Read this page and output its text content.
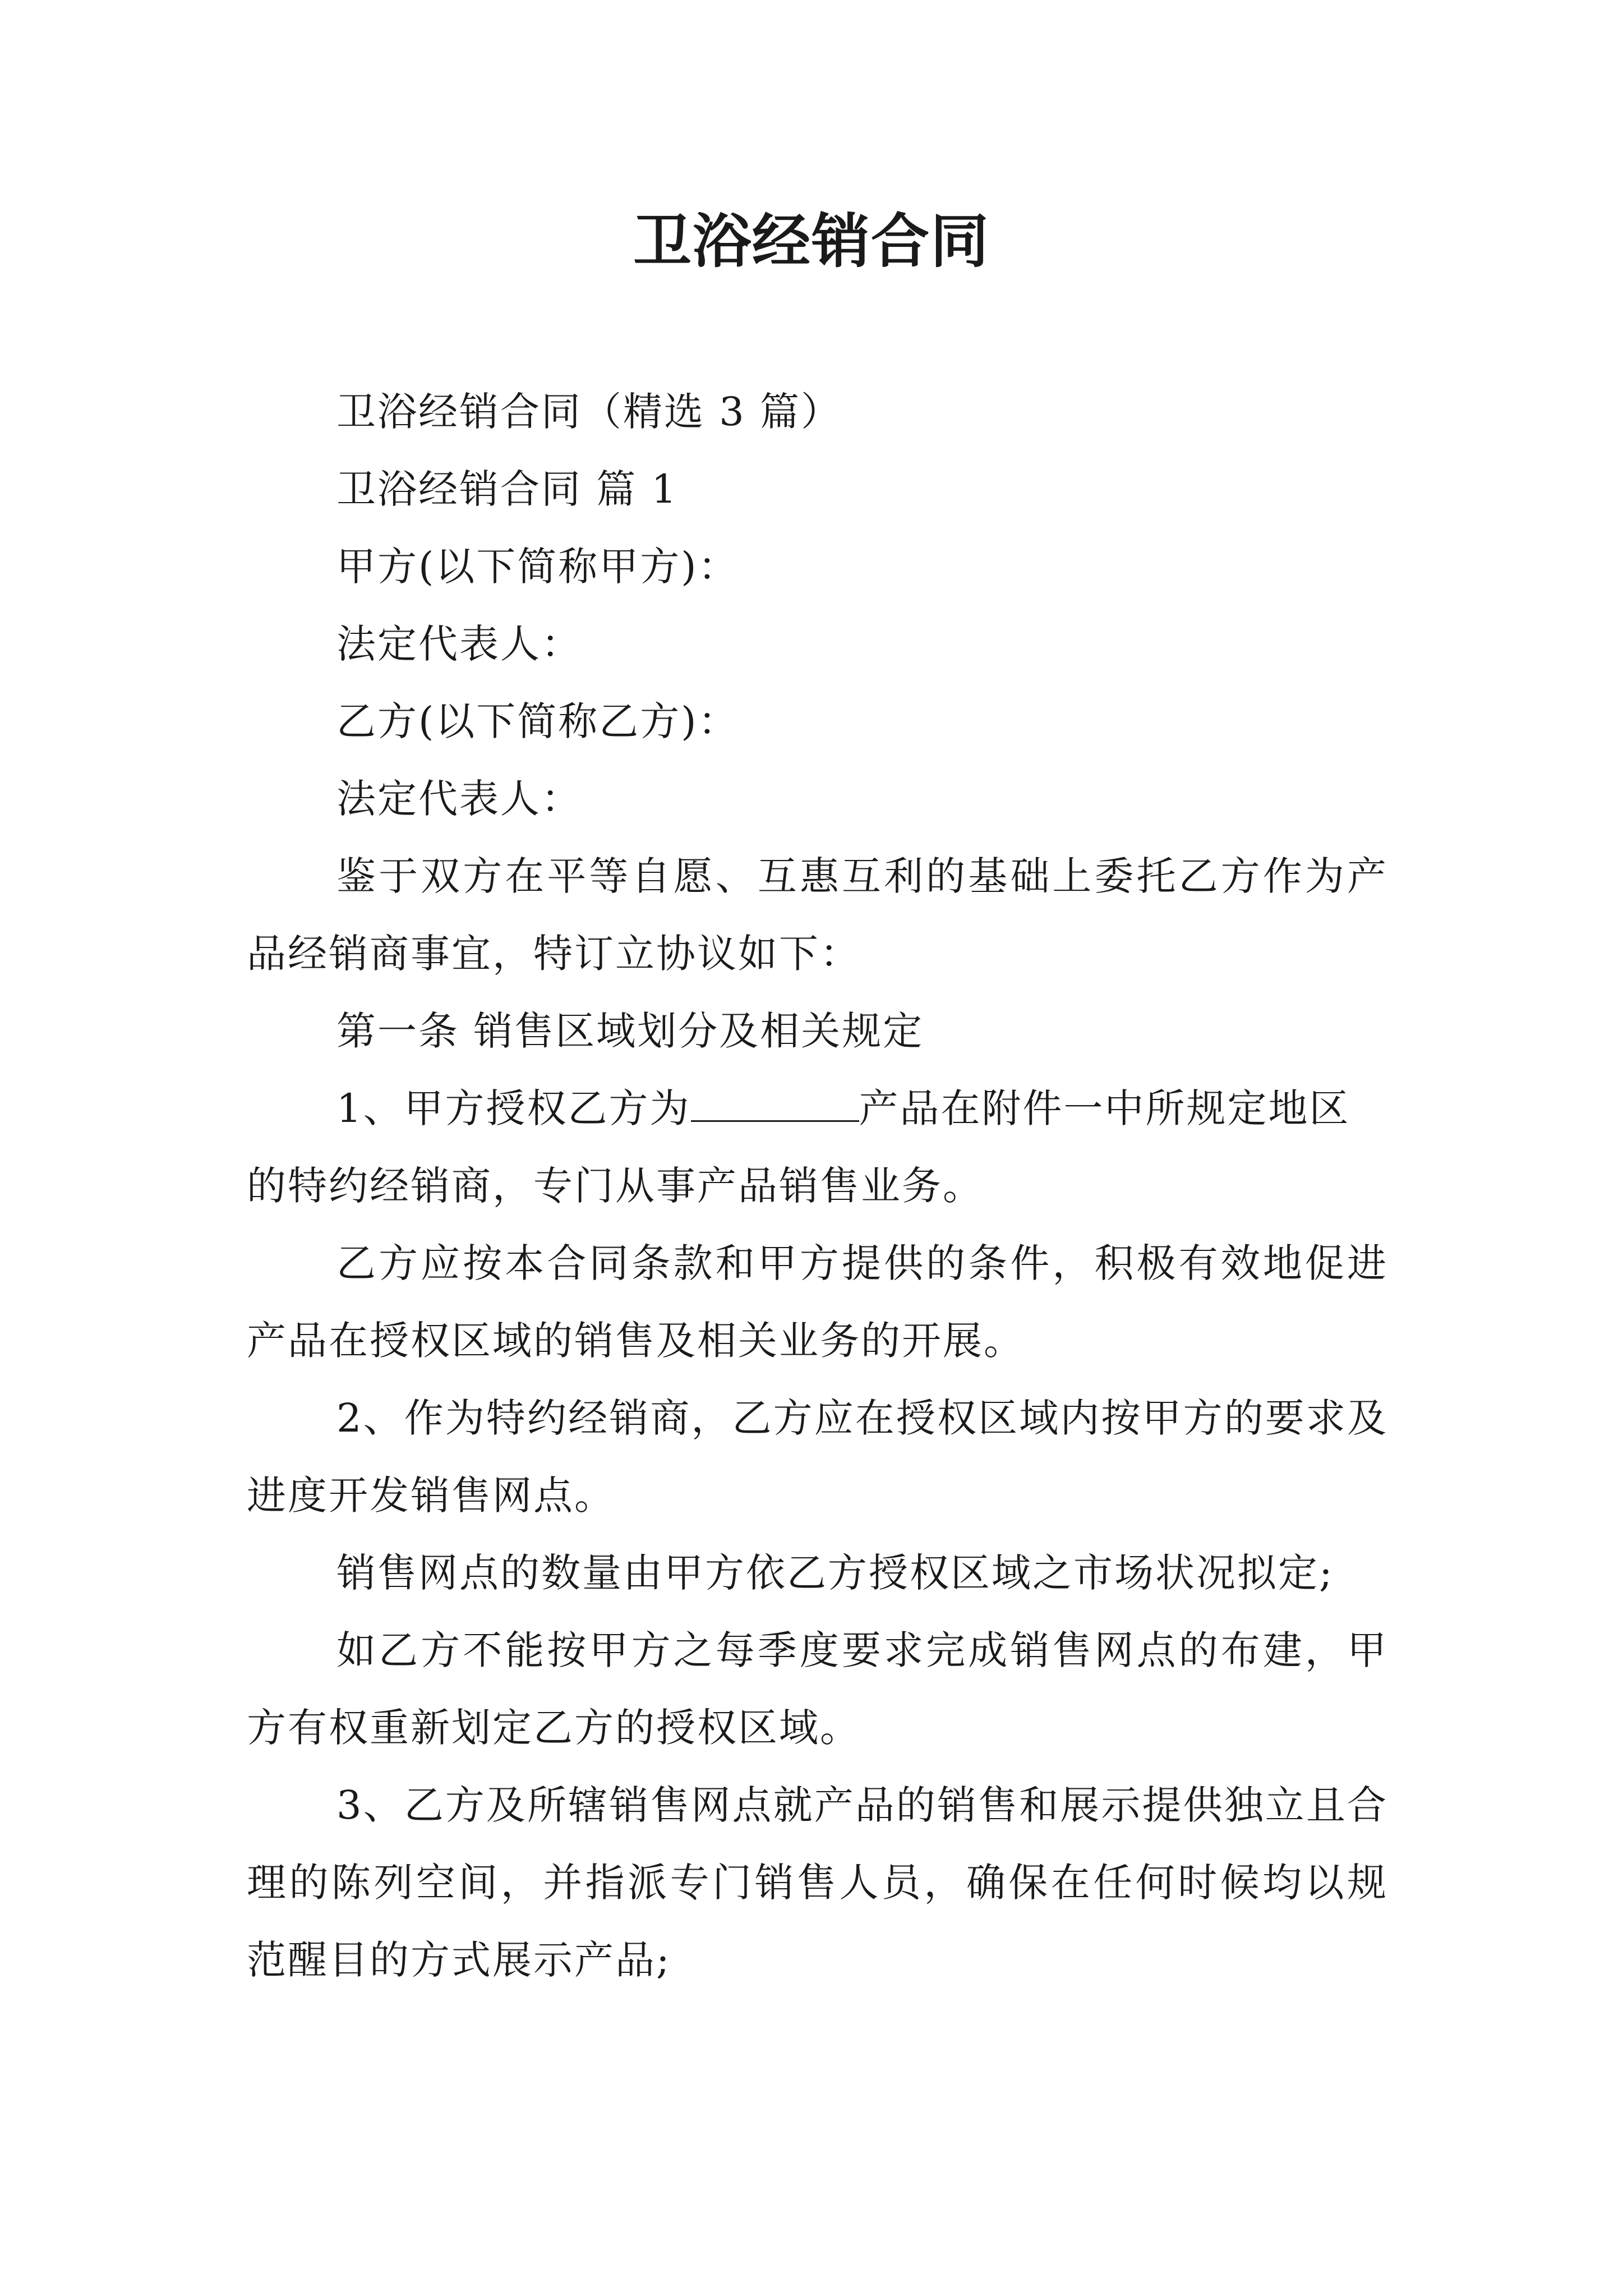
卫浴经销合同

卫浴经销合同（精选 3 篇）

卫浴经销合同 篇 1

甲方(以下简称甲方)：

法定代表人：

乙方(以下简称乙方)：

法定代表人：

鉴于双方在平等自愿、互惠互利的基础上委托乙方作为产品经销商事宜，特订立协议如下：

第一条 销售区域划分及相关规定

1、甲方授权乙方为	产品在附件一中所规定地区

的特约经销商，专门从事产品销售业务。

乙方应按本合同条款和甲方提供的条件，积极有效地促进产品在授权区域的销售及相关业务的开展。

2、作为特约经销商，乙方应在授权区域内按甲方的要求及进度开发销售网点。

销售网点的数量由甲方依乙方授权区域之市场状况拟定;

如乙方不能按甲方之每季度要求完成销售网点的布建，甲方有权重新划定乙方的授权区域。

3、乙方及所辖销售网点就产品的销售和展示提供独立且合理的陈列空间，并指派专门销售人员，确保在任何时候均以规范醒目的方式展示产品;
